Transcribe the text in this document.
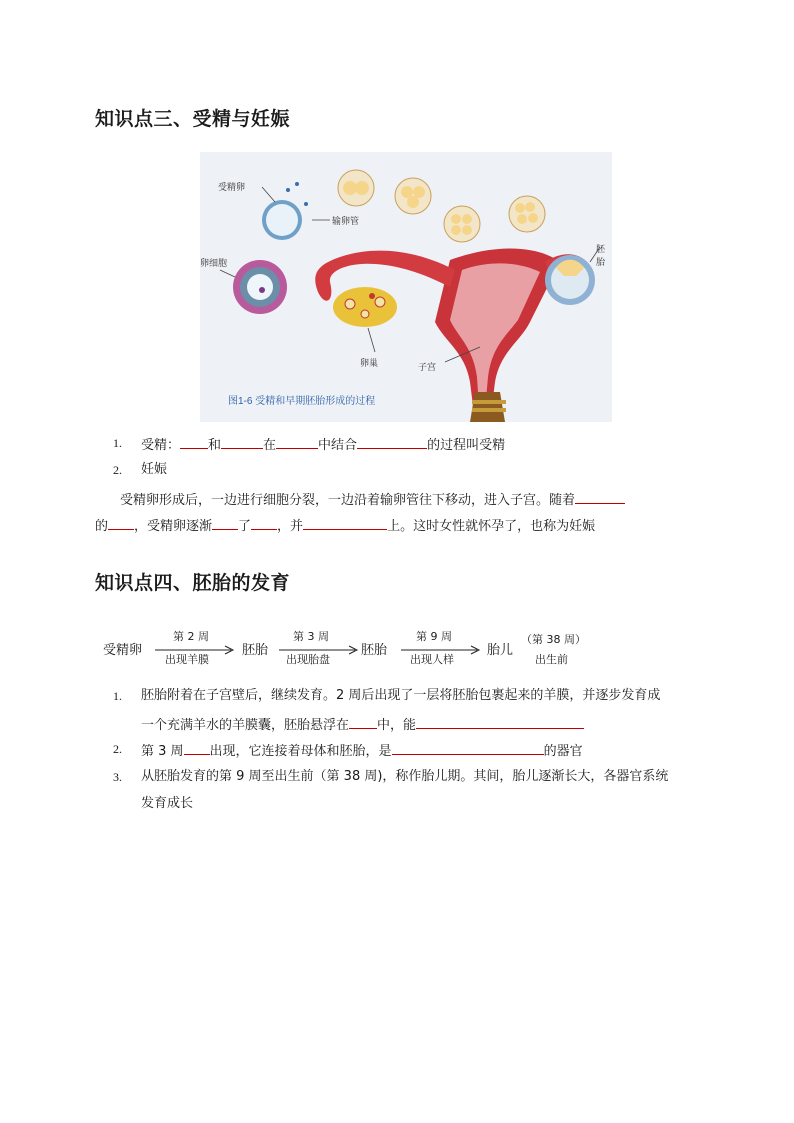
知识点三、受精与妊娠
受精卵
输卵管
卵细胞
胚胎
卵巢	子宫
图1-6 受精和早期胚胎形成的过程
1. 受精： 和	在	中结合	的过程叫受精
2. 妊娠
受精卵形成后，一边进行细胞分裂，一边沿着输卵管往下移动，进入子宫。随着
的 ，受精卵逐渐 了 ，并	上。这时女性就怀孕了，也称为妊娠
知识点四、胚胎的发育
受精卵
第 2 周
出现羊膜
胚胎
第 3 周
出现胎盘
胚胎
第 9 周
出现人样
胎儿
（第 38 周）
出生前
1. 胚胎附着在子宫壁后，继续发育。2 周后出现了一层将胚胎包裹起来的羊膜，并逐步发育成
一个充满羊水的羊膜囊，胚胎悬浮在 中，能
2. 第 3 周 出现，它连接着母体和胚胎，是	的器官
3. 从胚胎发育的第 9 周至出生前（第 38 周)，称作胎儿期。其间，胎儿逐渐长大，各器官系统
发育成长
